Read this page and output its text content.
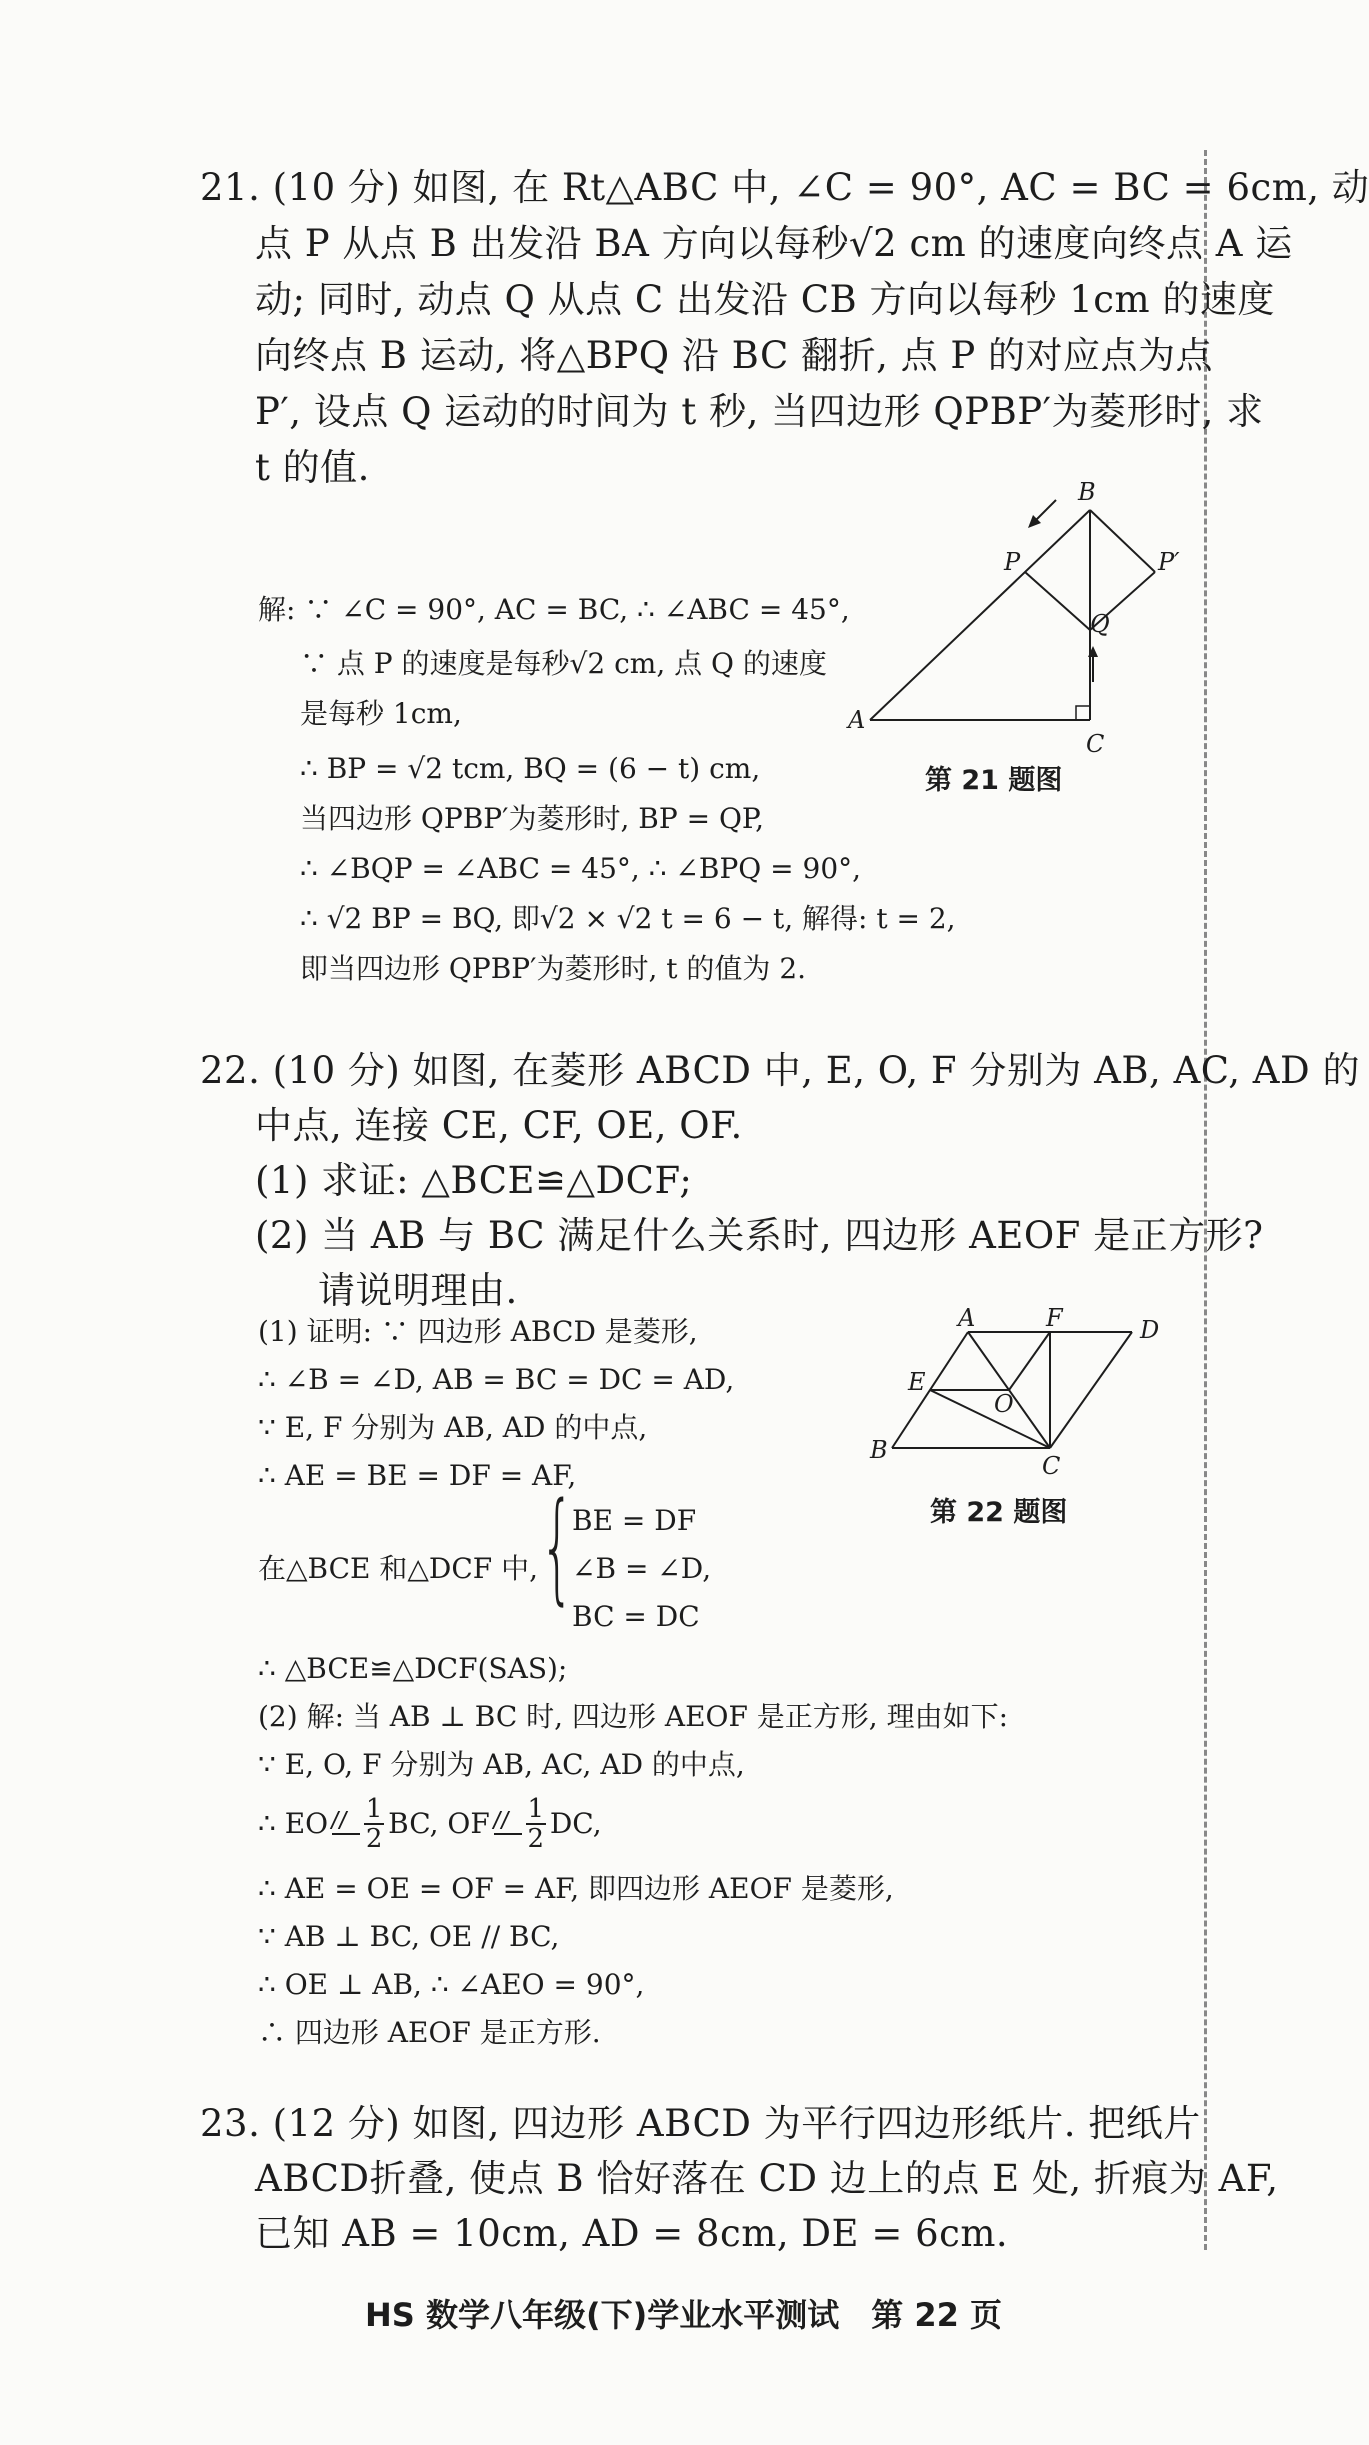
21. (10 分) 如图, 在 Rt△ABC 中, ∠C = 90°, AC = BC = 6cm, 动
点 P 从点 B 出发沿 BA 方向以每秒√2 cm 的速度向终点 A 运
动; 同时, 动点 Q 从点 C 出发沿 CB 方向以每秒 1cm 的速度
向终点 B 运动, 将△BPQ 沿 BC 翻折, 点 P 的对应点为点
P′, 设点 Q 运动的时间为 t 秒, 当四边形 QPBP′为菱形时, 求
t 的值.
解: ∵ ∠C = 90°, AC = BC, ∴ ∠ABC = 45°,
∵ 点 P 的速度是每秒√2 cm, 点 Q 的速度
是每秒 1cm,
∴ BP = √2 tcm, BQ = (6 − t) cm,
当四边形 QPBP′为菱形时, BP = QP,
∴ ∠BQP = ∠ABC = 45°, ∴ ∠BPQ = 90°,
∴ √2 BP = BQ, 即√2 × √2 t = 6 − t, 解得: t = 2,
即当四边形 QPBP′为菱形时, t 的值为 2.
A
B
C
P	P′
Q
第 21 题图
22. (10 分) 如图, 在菱形 ABCD 中, E, O, F 分别为 AB, AC, AD 的
中点, 连接 CE, CF, OE, OF.
(1) 求证: △BCE≌△DCF;
(2) 当 AB 与 BC 满足什么关系时, 四边形 AEOF 是正方形?
请说明理由.
(1) 证明: ∵ 四边形 ABCD 是菱形,
∴ ∠B = ∠D, AB = BC = DC = AD,
∵ E, F 分别为 AB, AD 的中点,
∴ AE = BE = DF = AF,
在△BCE 和△DCF 中, {
BE = DF
∠B = ∠D,
BC = DC
∴ △BCE≌△DCF(SAS);
(2) 解: 当 AB ⊥ BC 时, 四边形 AEOF 是正方形, 理由如下:
∵ E, O, F 分别为 AB, AC, AD 的中点,
∴ EO 1
2 BC, OF 1
2 DC,
∴ AE = OE = OF = AF, 即四边形 AEOF 是菱形,
∵ AB ⊥ BC, OE // BC,
∴ OE ⊥ AB, ∴ ∠AEO = 90°,
∴ 四边形 AEOF 是正方形.
B
A	F	D
E
O
C
第 22 题图
23. (12 分) 如图, 四边形 ABCD 为平行四边形纸片. 把纸片
ABCD折叠, 使点 B 恰好落在 CD 边上的点 E 处, 折痕为 AF,
已知 AB = 10cm, AD = 8cm, DE = 6cm.
HS 数学八年级(下)学业水平测试　第 22 页
